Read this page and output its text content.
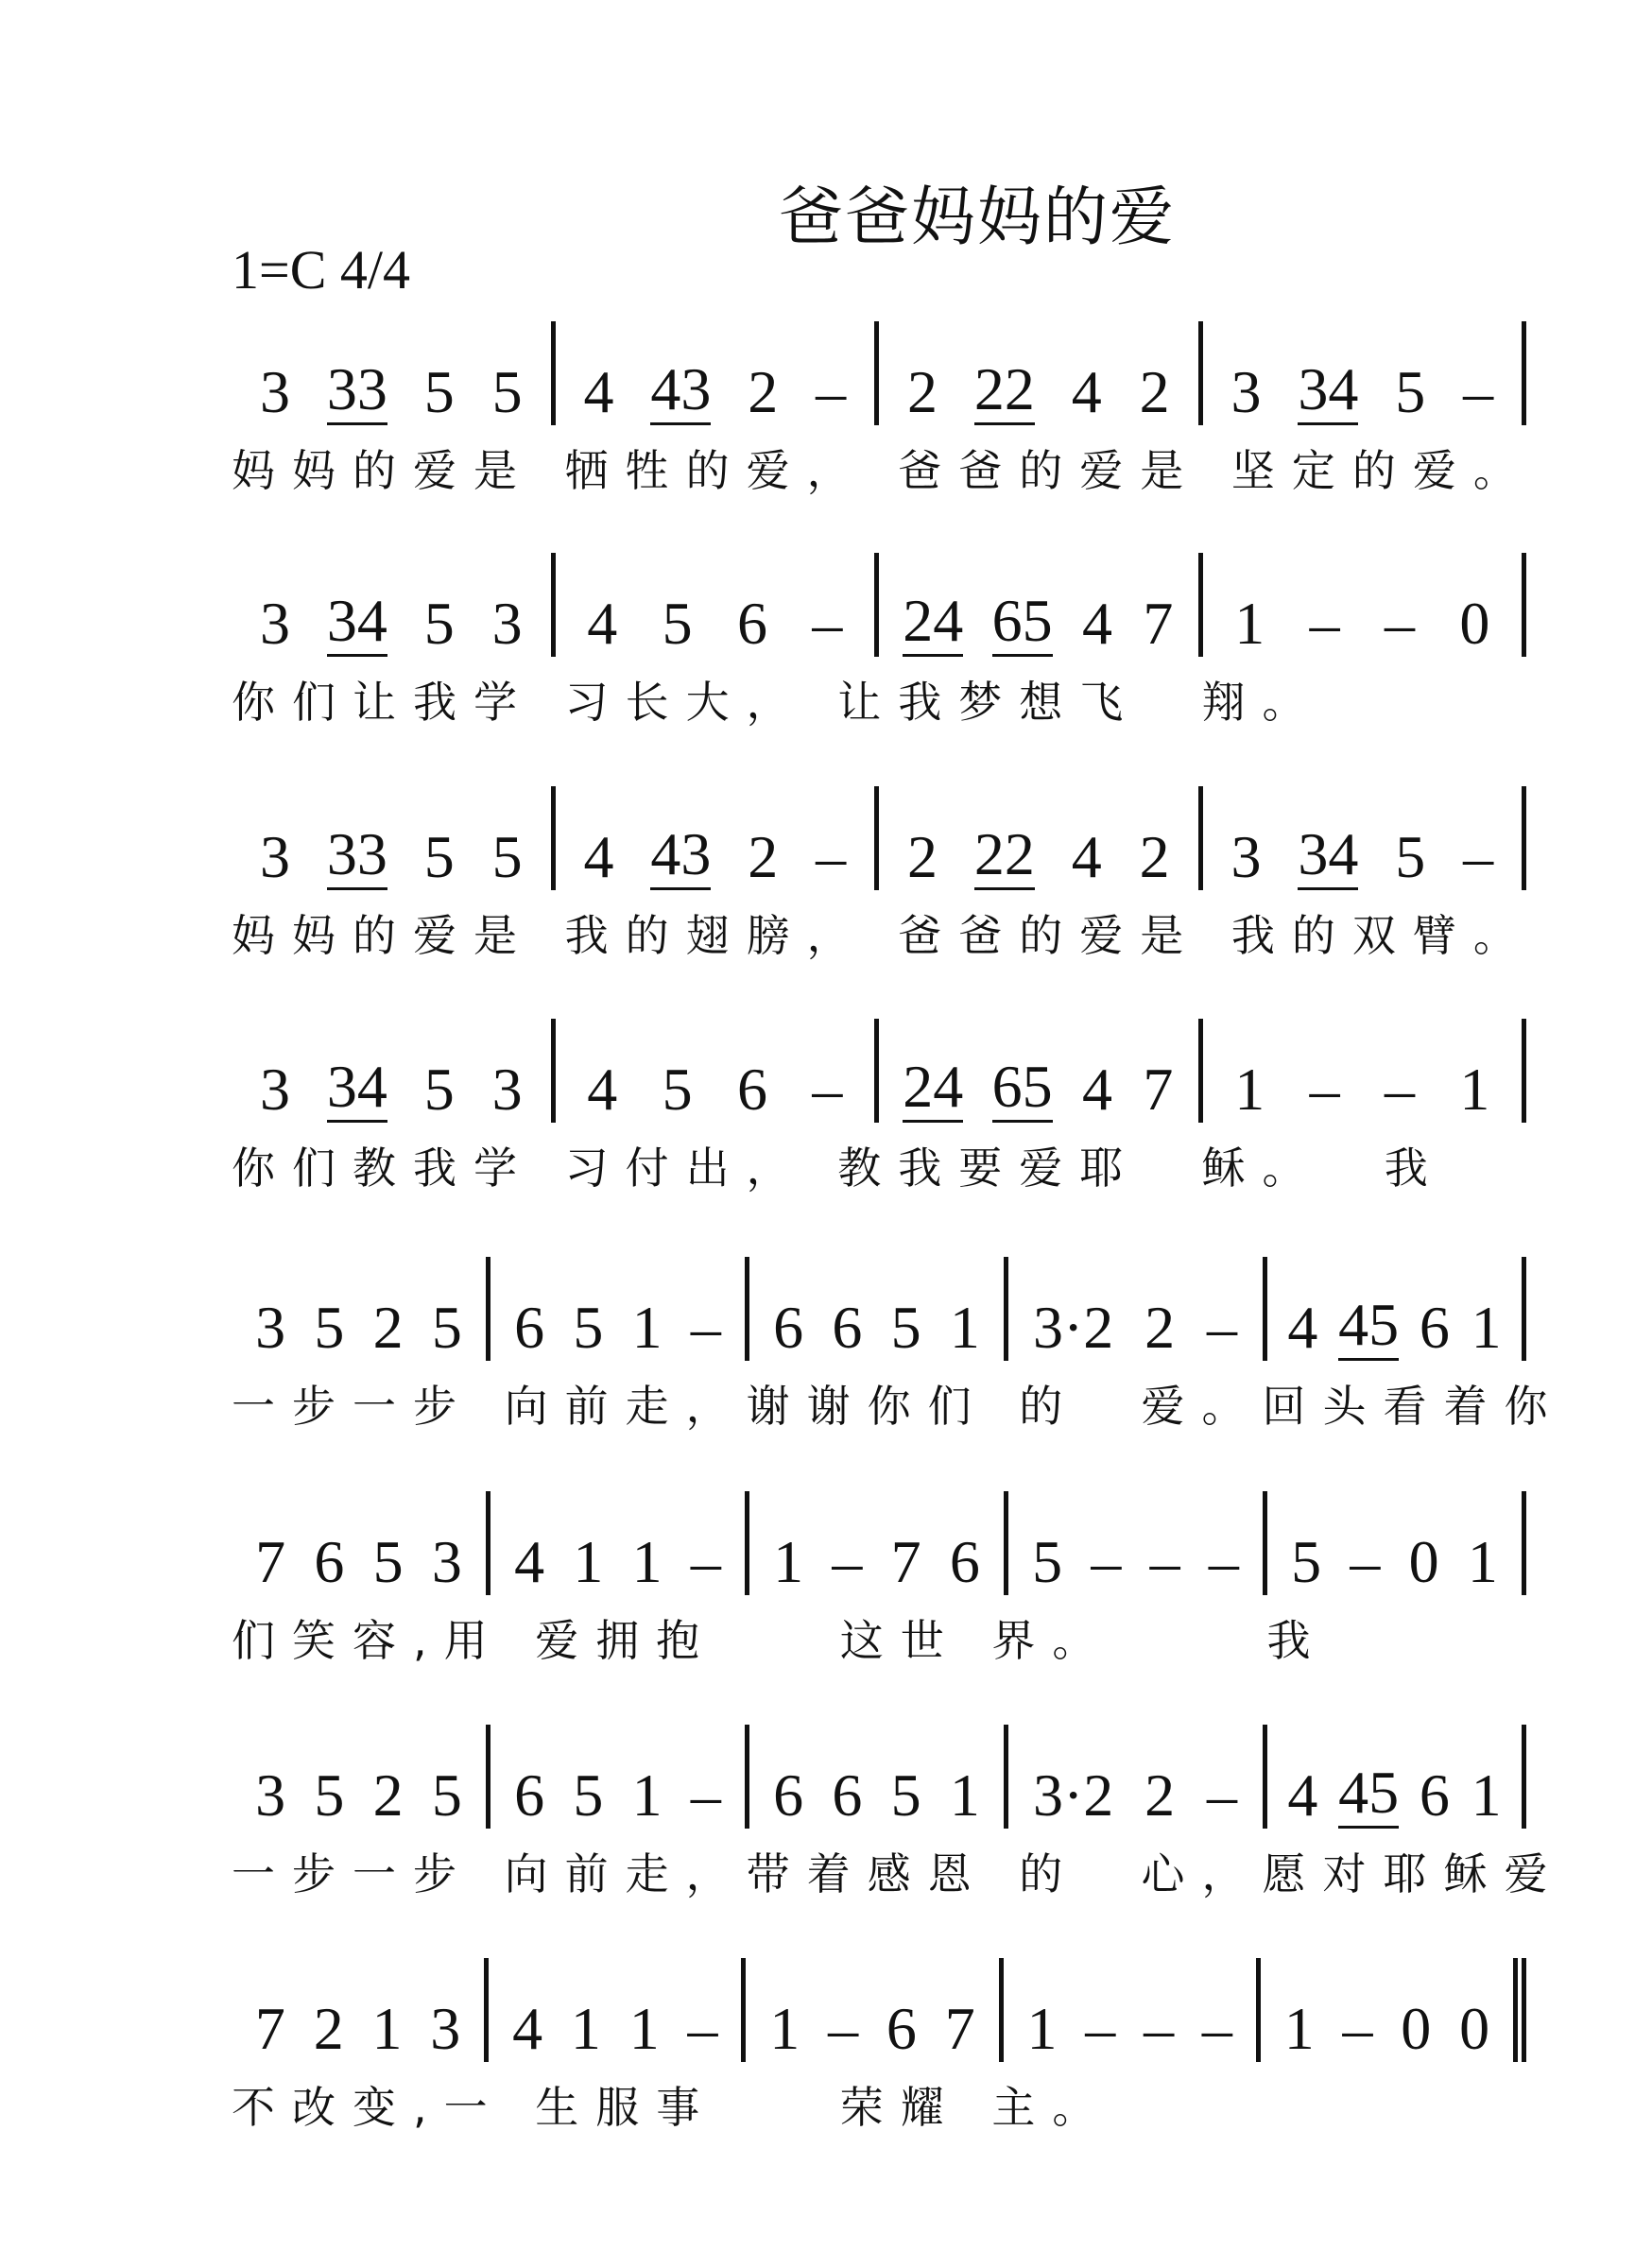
爸爸妈妈的爱
1=C 4/4
3 33 5 5 4 43 2 – 2 22 4 2 3 34 5 –
妈妈的爱是 牺牲的爱， 爸爸的爱是 坚定的爱。
3 34 5 3 4 5 6 – 24 65 4 7 1 – – 0
你们让我学 习长大， 让我梦想飞  翔。
3 33 5 5 4 43 2 – 2 22 4 2 3 34 5 –
妈妈的爱是 我的翅膀， 爸爸的爱是 我的双臂。
3 34 5 3 4 5 6 – 24 65 4 7 1 – – 1
你们教我学 习付出， 教我要爱耶  稣。  我
3 5 2 5 6 5 1 – 6 6 5 1 3·2 2 – 4 45 6 1
一步一步 向前走，谢谢你们 的  爱。回头看着你
7 6 5 3 4 1 1 – 1 – 7 6 5 – – – 5 – 0 1
们笑容,用 爱拥抱    这世 界。     我
3 5 2 5 6 5 1 – 6 6 5 1 3·2 2 – 4 45 6 1
一步一步 向前走，带着感恩 的  心，愿对耶稣爱
7 2 1 3 4 1 1 – 1 – 6 7 1 – – – 1 – 0 0
不改变,一 生服事    荣耀 主。
